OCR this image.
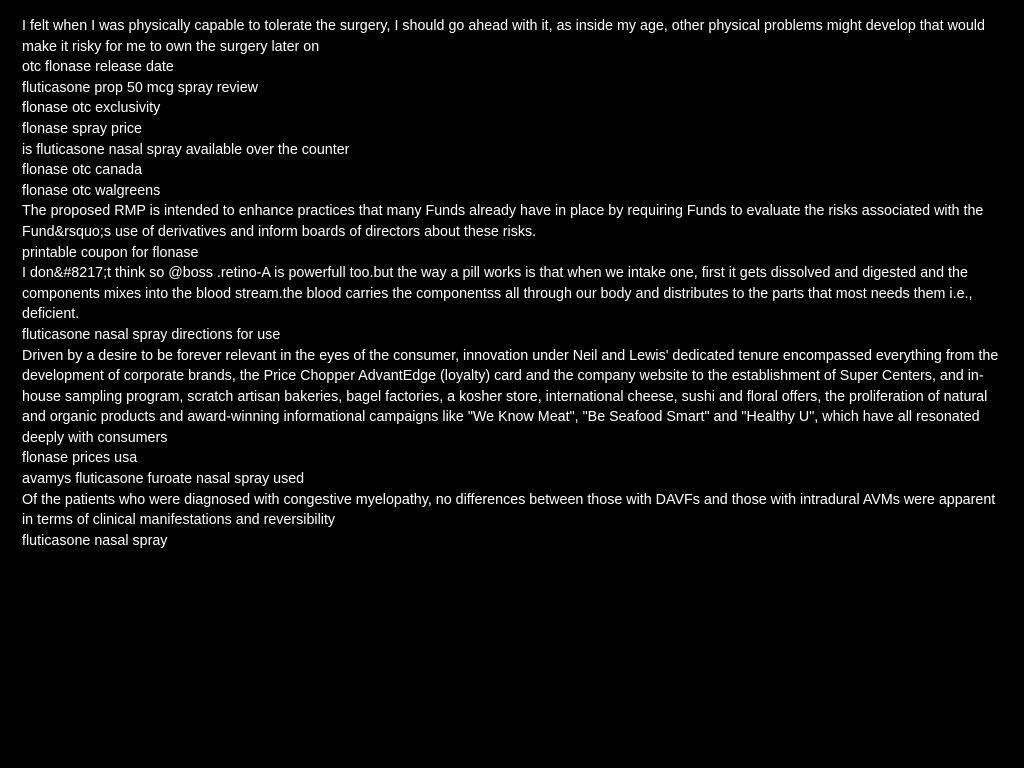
I felt when I was physically capable to tolerate the surgery, I should go ahead with it, as inside my age, other physical problems might develop that would make it risky for me to own the surgery later on

otc flonase release date

fluticasone prop 50 mcg spray review

flonase otc exclusivity

flonase spray price

is fluticasone nasal spray available over the counter

flonase otc canada

flonase otc walgreens

The proposed RMP is intended to enhance practices that many Funds already have in place by requiring Funds to evaluate the risks associated with the Fund&rsquo;s use of derivatives and inform boards of directors about these risks.

printable coupon for flonase

I don&#8217;t think so @boss .retino-A is powerfull too.but the way a pill works is that when we intake one, first it gets dissolved and digested and the components mixes into the blood stream.the blood carries the componentss all through our body and distributes to the parts that most needs them i.e., deficient.

fluticasone nasal spray directions for use

Driven by a desire to be forever relevant in the eyes of the consumer, innovation under Neil and Lewis' dedicated tenure encompassed everything from the development of corporate brands, the Price Chopper AdvantEdge (loyalty) card and the company website to the establishment of Super Centers, and in-house sampling program, scratch artisan bakeries, bagel factories, a kosher store, international cheese, sushi and floral offers, the proliferation of natural and organic products and award-winning informational campaigns like "We Know Meat", "Be Seafood Smart" and "Healthy U", which have all resonated deeply with consumers

flonase prices usa

avamys fluticasone furoate nasal spray used

Of the patients who were diagnosed with congestive myelopathy, no differences between those with DAVFs and those with intradural AVMs were apparent in terms of clinical manifestations and reversibility

fluticasone nasal spray
